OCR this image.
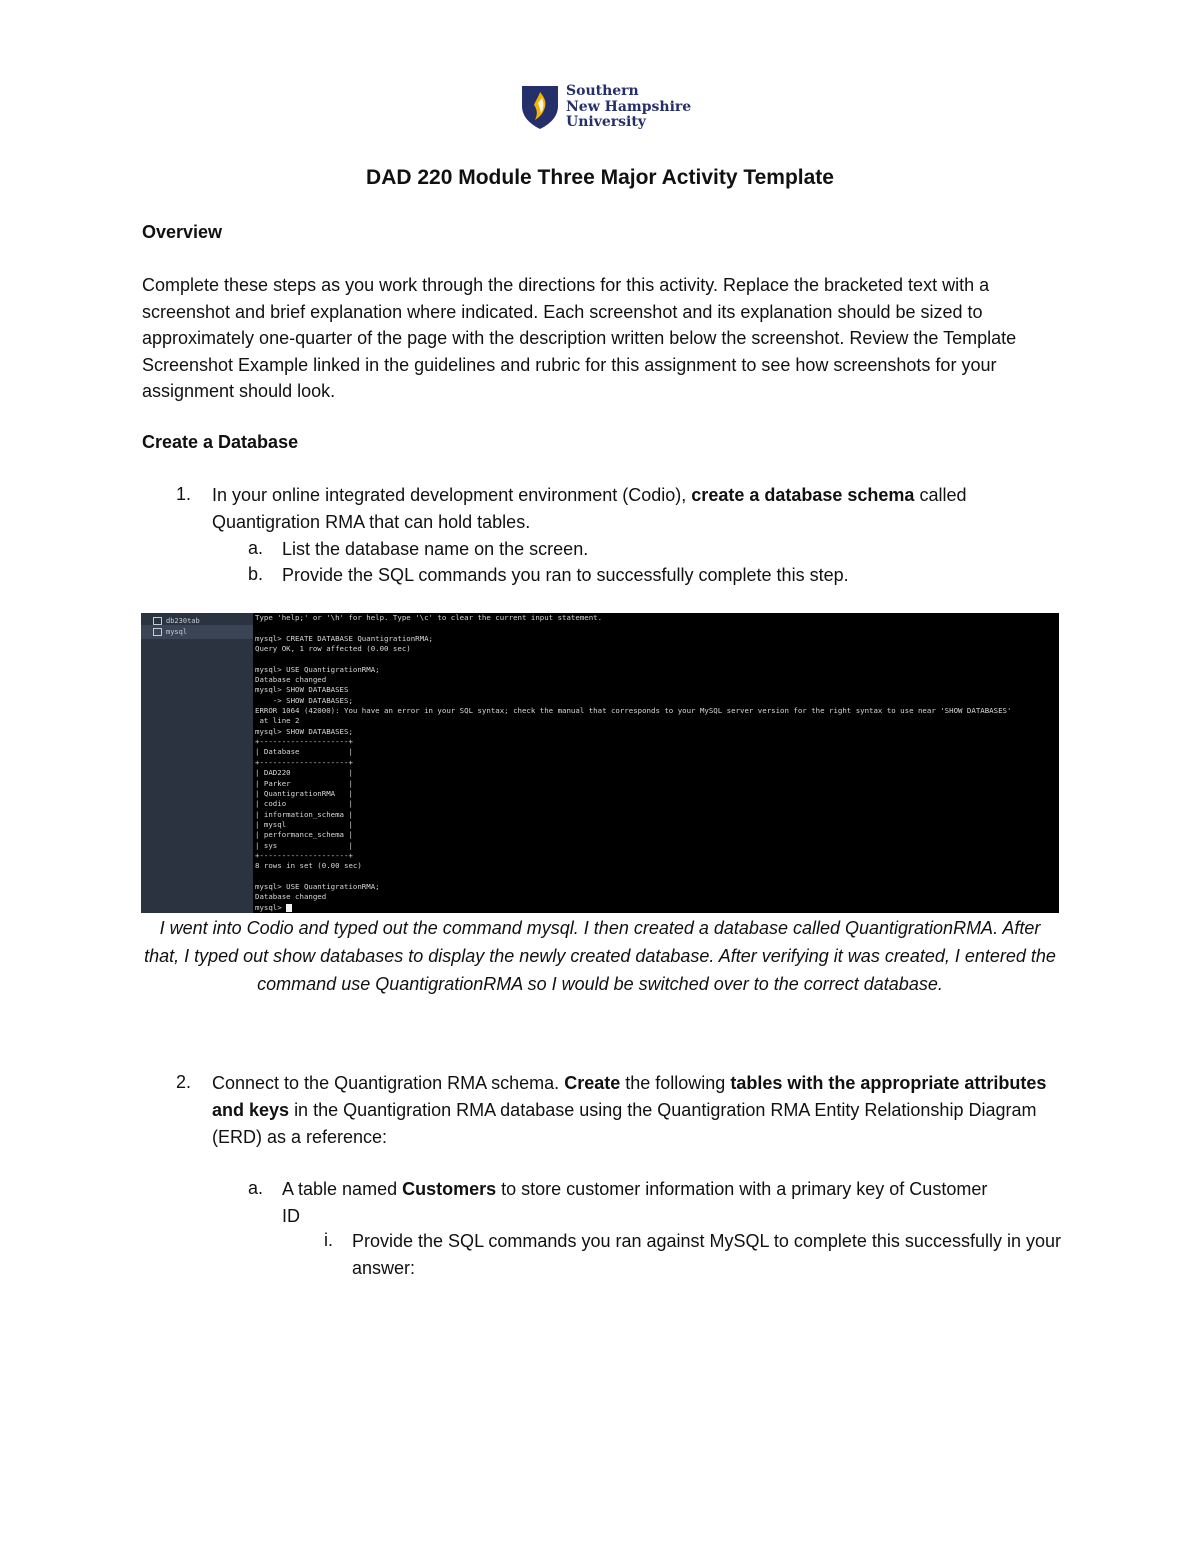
Southern
New Hampshire
University
DAD 220 Module Three Major Activity Template
Overview
Complete these steps as you work through the directions for this activity. Replace the bracketed text with a screenshot and brief explanation where indicated. Each screenshot and its explanation should be sized to approximately one-quarter of the page with the description written below the screenshot. Review the Template Screenshot Example linked in the guidelines and rubric for this assignment to see how screenshots for your assignment should look.
Create a Database
1. In your online integrated development environment (Codio), create a database schema called
Quantigration RMA that can hold tables.
a. List the database name on the screen.
b. Provide the SQL commands you ran to successfully complete this step.
db230tab
mysql
Type 'help;' or '\h' for help. Type '\c' to clear the current input statement.

mysql> CREATE DATABASE QuantigrationRMA;
Query OK, 1 row affected (0.00 sec)

mysql> USE QuantigrationRMA;
Database changed
mysql> SHOW DATABASES
-> SHOW DATABASES;
ERROR 1064 (42000): You have an error in your SQL syntax; check the manual that corresponds to your MySQL server version for the right syntax to use near 'SHOW DATABASES'
at line 2
mysql> SHOW DATABASES;
+--------------------+
| Database           |
+--------------------+
| DAD220             |
| Parker             |
| QuantigrationRMA   |
| codio              |
| information_schema |
| mysql              |
| performance_schema |
| sys                |
+--------------------+
8 rows in set (0.00 sec)

mysql> USE QuantigrationRMA;
Database changed
mysql>
I went into Codio and typed out the command mysql. I then created a database called QuantigrationRMA. After that, I typed out show databases to display the newly created database. After verifying it was created, I entered the command use QuantigrationRMA so I would be switched over to the correct database.
2. Connect to the Quantigration RMA schema. Create the following tables with the appropriate attributes and keys in the Quantigration RMA database using the Quantigration RMA Entity Relationship Diagram (ERD) as a reference:
a. A table named Customers to store customer information with a primary key of Customer ID
i. Provide the SQL commands you ran against MySQL to complete this successfully in your answer:
